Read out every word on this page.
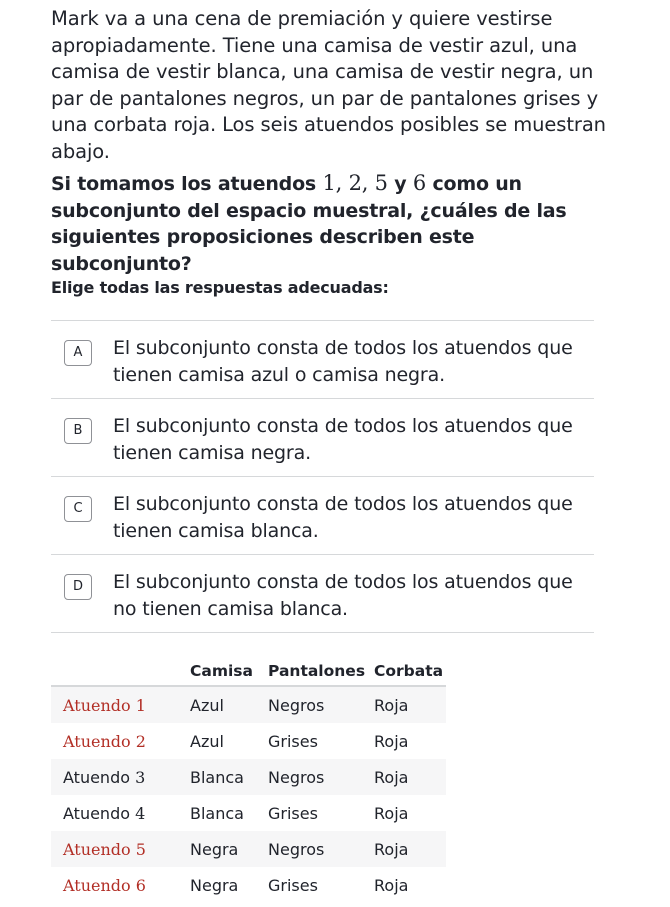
Mark va a una cena de premiación y quiere vestirse apropiadamente. Tiene una camisa de vestir azul, una camisa de vestir blanca, una camisa de vestir negra, un par de pantalones negros, un par de pantalones grises y una corbata roja. Los seis atuendos posibles se muestran abajo.

Si tomamos los atuendos 1, 2, 5 y 6 como un subconjunto del espacio muestral, ¿cuáles de las siguientes proposiciones describen este subconjunto?

Elige todas las respuestas adecuadas:
A	El subconjunto consta de todos los atuendos que tienen camisa azul o camisa negra.
B	El subconjunto consta de todos los atuendos que tienen camisa negra.
C	El subconjunto consta de todos los atuendos que tienen camisa blanca.
D	El subconjunto consta de todos los atuendos que no tienen camisa blanca.
	Camisa	Pantalones	Corbata
Atuendo 1	Azul	Negros	Roja
Atuendo 2	Azul	Grises	Roja
Atuendo 3	Blanca	Negros	Roja
Atuendo 4	Blanca	Grises	Roja
Atuendo 5	Negra	Negros	Roja
Atuendo 6	Negra	Grises	Roja
